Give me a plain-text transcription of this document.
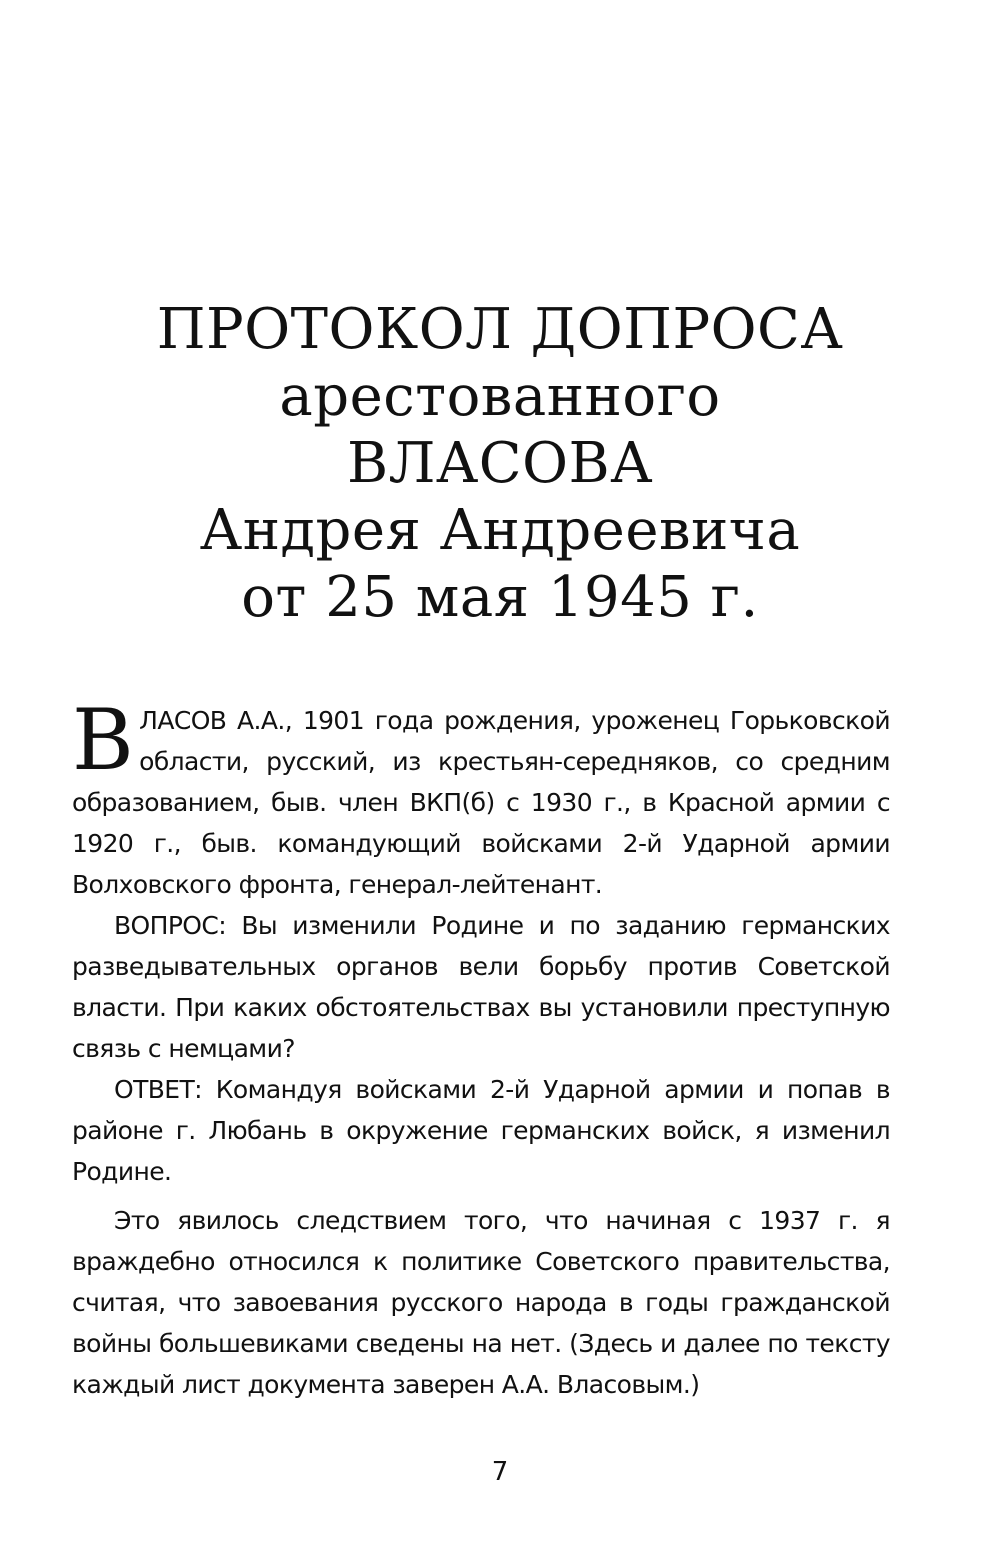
ПРОТОКОЛ ДОПРОСА
арестованного
ВЛАСОВА
Андрея Андреевича
от 25 мая 1945 г.

ВЛАСОВ А.А., 1901 года рождения, уроженец Горьковской области, русский, из крестьян-середняков, со средним образованием, быв. член ВКП(б) с 1930 г., в Красной армии с 1920 г., быв. командующий войсками 2-й Ударной армии Волховского фронта, генерал-лейтенант.

ВОПРОС: Вы изменили Родине и по заданию германских разведывательных органов вели борьбу против Советской власти. При каких обстоятельствах вы установили преступную связь с немцами?

ОТВЕТ: Командуя войсками 2-й Ударной армии и попав в районе г. Любань в окружение германских войск, я изменил Родине.

Это явилось следствием того, что начиная с 1937 г. я враждебно относился к политике Советского правительства, считая, что завоевания русского народа в годы гражданской войны большевиками сведены на нет. (Здесь и далее по тексту каждый лист документа заверен А.А. Власовым.)

7
